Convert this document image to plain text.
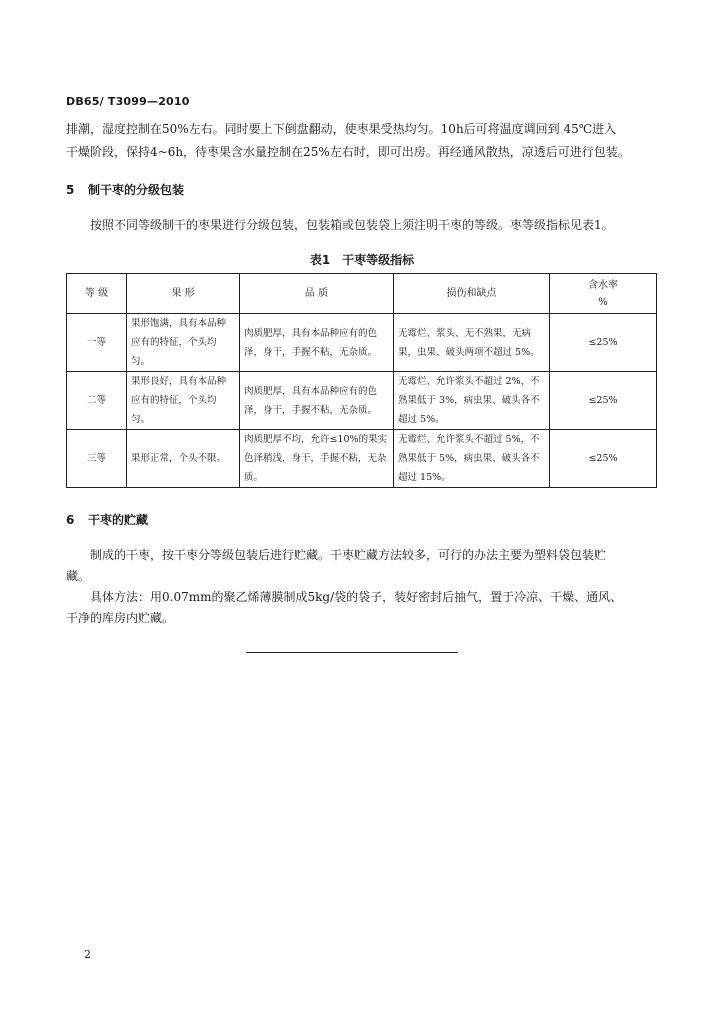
DB65/ T3099—2010
排潮，湿度控制在50%左右。同时要上下倒盘翻动，使枣果受热均匀。10h后可将温度调回到 45℃进入
干燥阶段，保持4~6h，待枣果含水量控制在25%左右时，即可出房。再经通风散热，凉透后可进行包装。
5 制干枣的分级包装
按照不同等级制干的枣果进行分级包装，包装箱或包装袋上须注明干枣的等级。枣等级指标见表1。
表1 干枣等级指标
等 级	果 形	品 质	损伤和缺点	含水率
%

一等	果形饱满，具有本品种应有的特征，个头均匀。	肉质肥厚，具有本品种应有的色泽，身干，手握不粘，无杂质。	无霉烂、浆头、无不熟果，无病果，虫果、破头两项不超过 5%。	≤25%
二等	果形良好，具有本品种应有的特征，个头均匀。	肉质肥厚，具有本品种应有的色泽，身干，手握不粘，无杂质。	无霉烂、允许浆头不超过 2%，不熟果低于 3%，病虫果、破头各不超过 5%。	≤25%
三等	果形正常，个头不限。	肉质肥厚不均，允许≤10%的果实色泽稍浅，身干，手握不粘，无杂质。	无霉烂、允许浆头不超过 5%，不熟果低于 5%，病虫果、破头各不超过 15%。	≤25%
6 干枣的贮藏
制成的干枣，按干枣分等级包装后进行贮藏。干枣贮藏方法较多，可行的办法主要为塑料袋包装贮
藏。
具体方法：用0.07mm的聚乙烯薄膜制成5kg/袋的袋子，装好密封后抽气，置于冷凉、干燥、通风、
干净的库房内贮藏。
2
